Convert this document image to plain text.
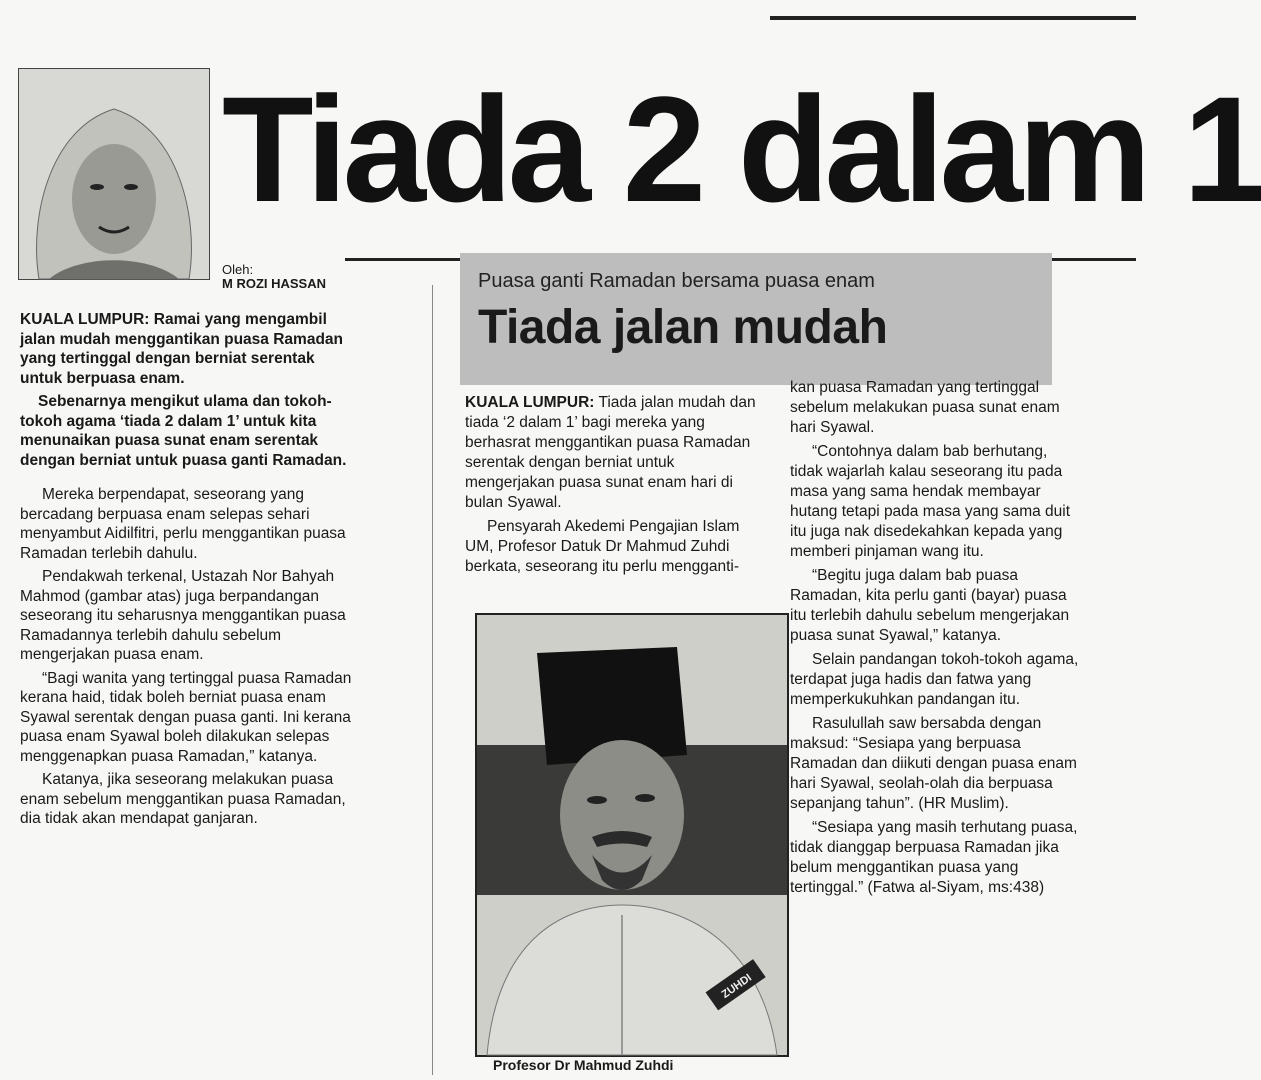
Tiada 2 dalam 1
Oleh:
M ROZI HASSAN

KUALA LUMPUR: Ramai yang mengambil jalan mudah menggantikan puasa Ramadan yang tertinggal dengan berniat serentak untuk berpuasa enam.

Sebenarnya mengikut ulama dan tokoh-tokoh agama ‘tiada 2 dalam 1’ untuk kita menunaikan puasa sunat enam serentak dengan berniat untuk puasa ganti Ramadan.

Mereka berpendapat, seseorang yang bercadang berpuasa enam selepas sehari menyambut Aidilfitri, perlu menggantikan puasa Ramadan terlebih dahulu.

Pendakwah terkenal, Ustazah Nor Bahyah Mahmod (gambar atas) juga berpandangan seseorang itu seharusnya menggantikan puasa Ramadannya terlebih dahulu sebelum mengerjakan puasa enam.

“Bagi wanita yang tertinggal puasa Ramadan kerana haid, tidak boleh berniat puasa enam Syawal serentak dengan puasa ganti. Ini kerana puasa enam Syawal boleh dilakukan selepas menggenapkan puasa Ramadan,” katanya.

Katanya, jika seseorang melakukan puasa enam sebelum menggantikan puasa Ramadan, dia tidak akan mendapat ganjaran.

Puasa ganti Ramadan bersama puasa enam
Tiada jalan mudah

KUALA LUMPUR: Tiada jalan mudah dan tiada ‘2 dalam 1’ bagi mereka yang berhasrat menggantikan puasa Ramadan serentak dengan berniat untuk mengerjakan puasa sunat enam hari di bulan Syawal.

Pensyarah Akedemi Pengajian Islam UM, Profesor Datuk Dr Mahmud Zuhdi berkata, seseorang itu perlu mengganti-

ZUHDI
Profesor Dr Mahmud Zuhdi

kan puasa Ramadan yang tertinggal sebelum melakukan puasa sunat enam hari Syawal.

“Contohnya dalam bab berhutang, tidak wajarlah kalau seseorang itu pada masa yang sama hendak membayar hutang tetapi pada masa yang sama duit itu juga nak disedekahkan kepada yang memberi pinjaman wang itu.

“Begitu juga dalam bab puasa Ramadan, kita perlu ganti (bayar) puasa itu terlebih dahulu sebelum mengerjakan puasa sunat Syawal,” katanya.

Selain pandangan tokoh-tokoh agama, terdapat juga hadis dan fatwa yang memperkukuhkan pandangan itu.

Rasulullah saw bersabda dengan maksud: “Sesiapa yang berpuasa Ramadan dan diikuti dengan puasa enam hari Syawal, seolah-olah dia berpuasa sepanjang tahun”. (HR Muslim).

“Sesiapa yang masih terhutang puasa, tidak dianggap berpuasa Ramadan jika belum menggantikan puasa yang tertinggal.” (Fatwa al-Siyam, ms:438)
